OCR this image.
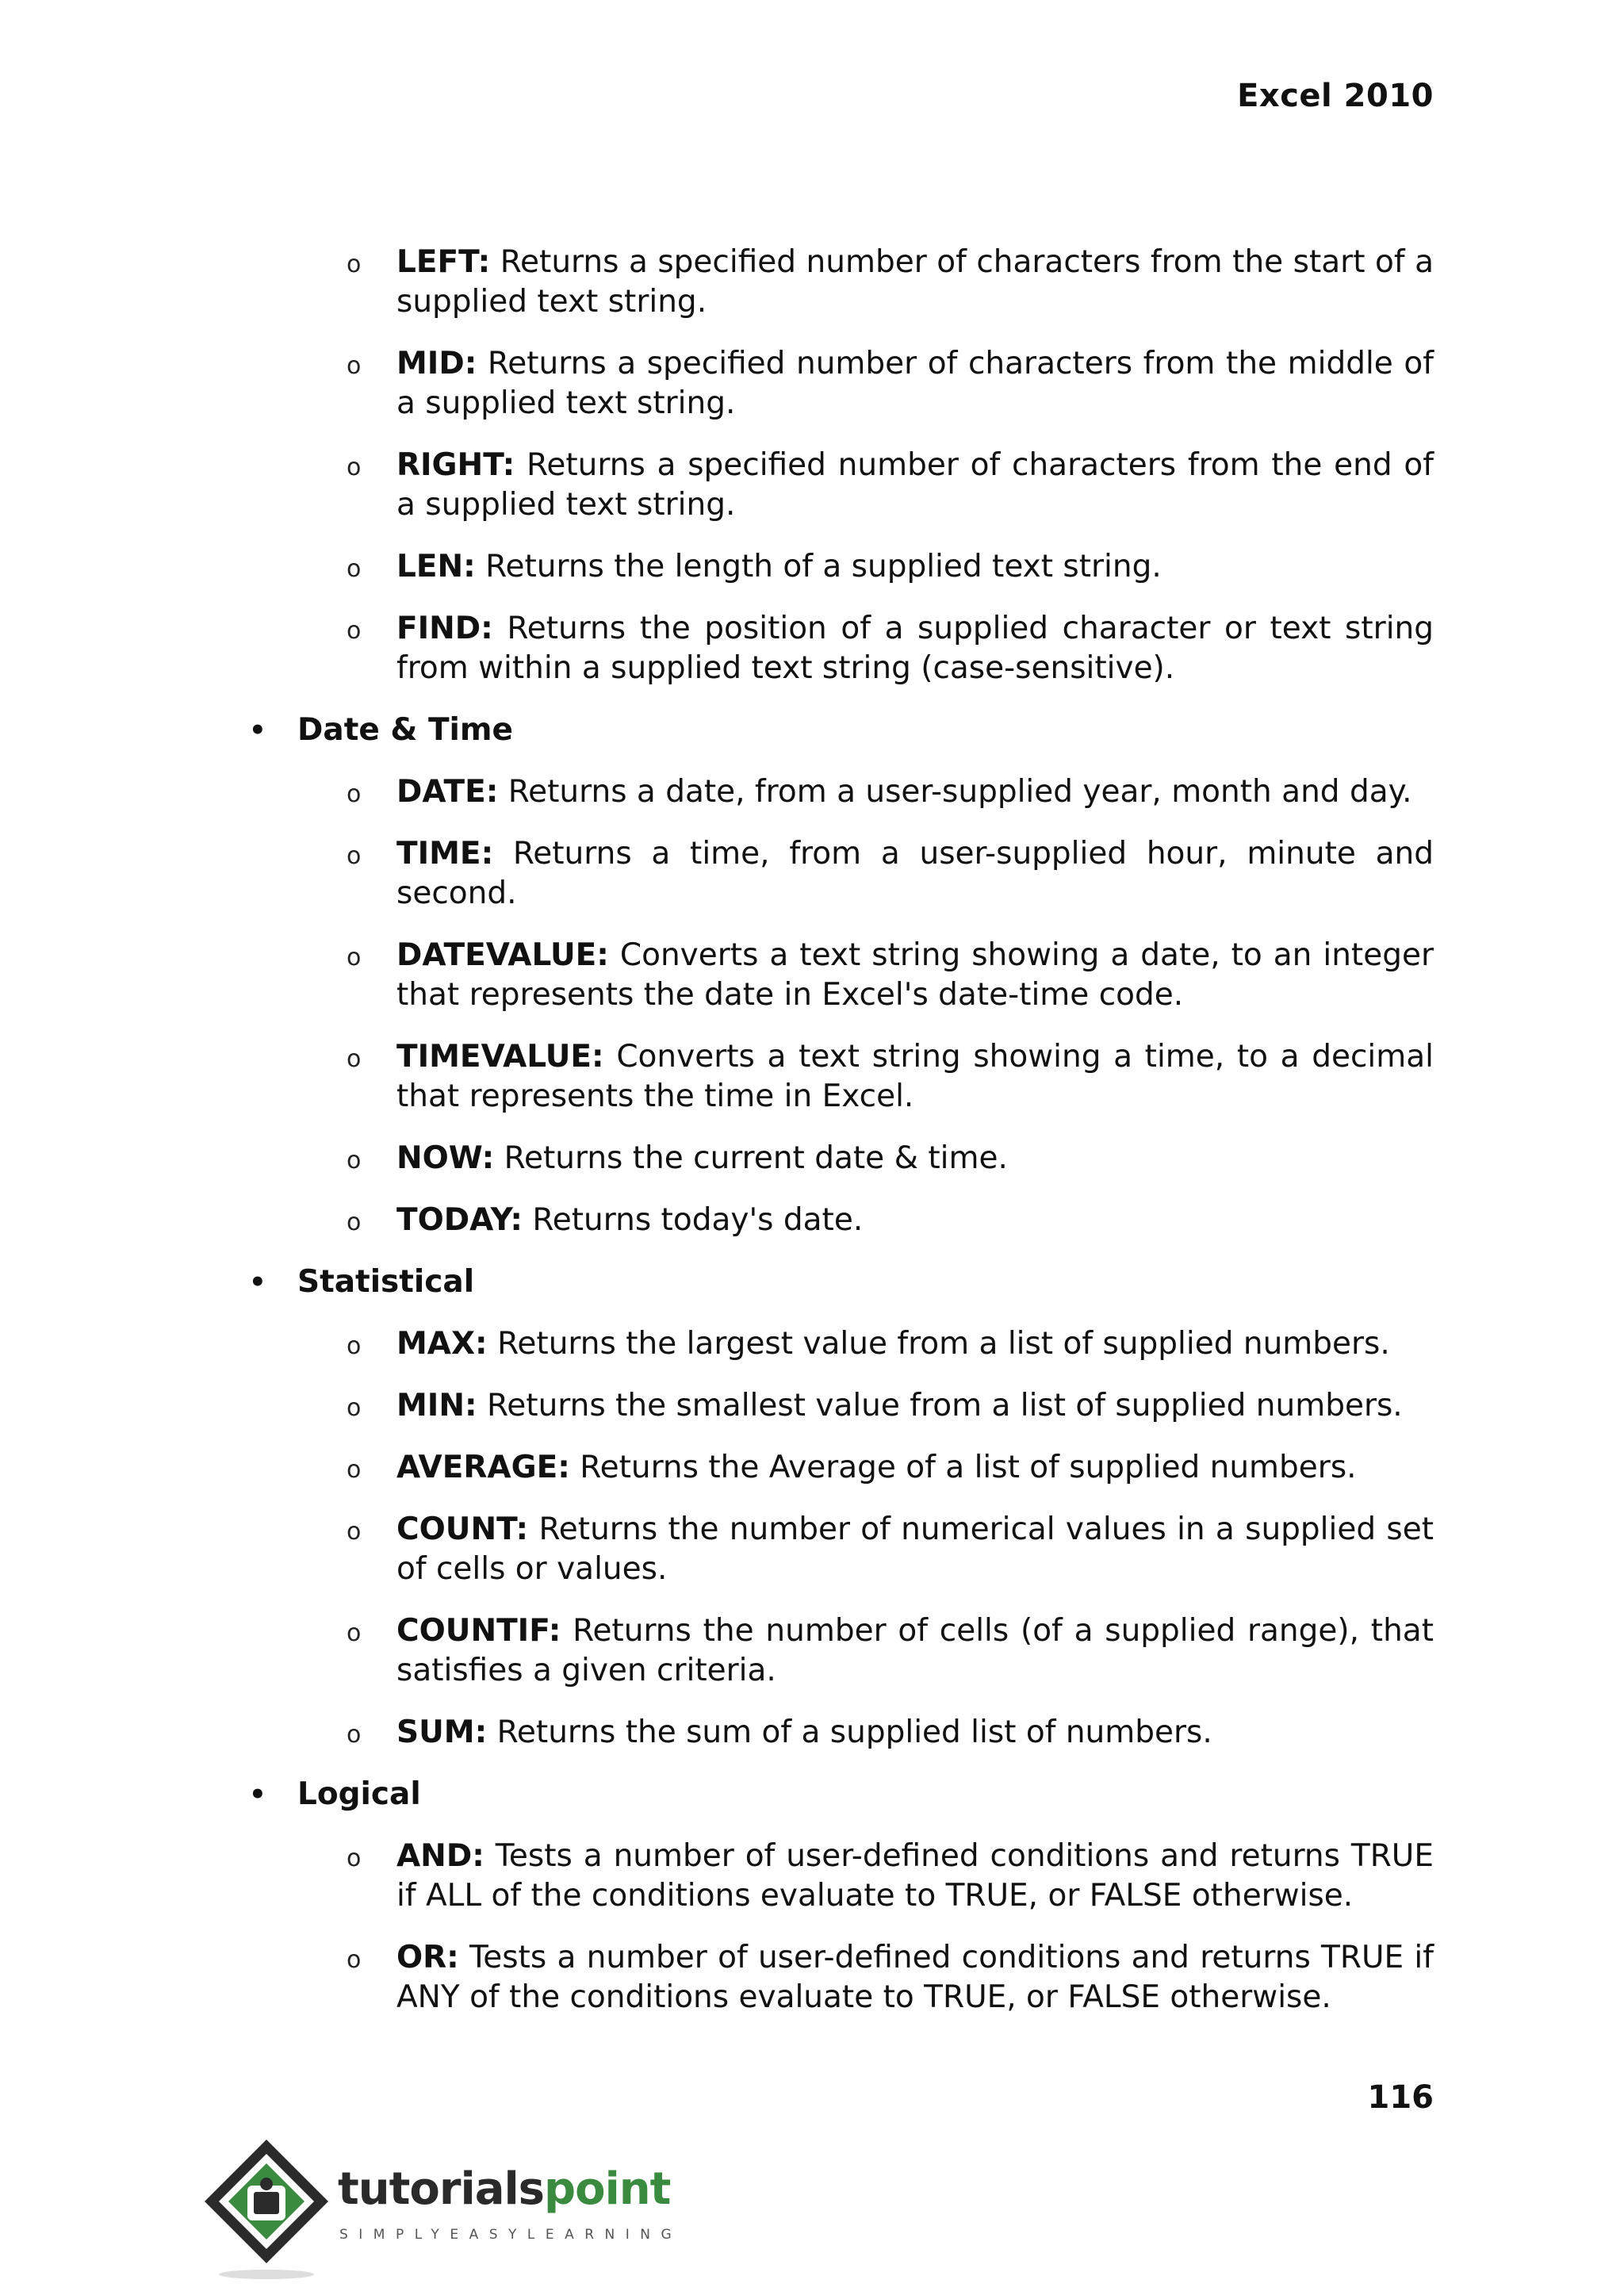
Excel 2010
o LEFT: Returns a specified number of characters from the start of a supplied text string.
o MID: Returns a specified number of characters from the middle of a supplied text string.
o RIGHT: Returns a specified number of characters from the end of a supplied text string.
o LEN: Returns the length of a supplied text string.
o FIND: Returns the position of a supplied character or text string from within a supplied text string (case-sensitive).
• Date & Time
o DATE: Returns a date, from a user-supplied year, month and day.
o TIME: Returns a time, from a user-supplied hour, minute and second.
o DATEVALUE: Converts a text string showing a date, to an integer that represents the date in Excel's date-time code.
o TIMEVALUE: Converts a text string showing a time, to a decimal that represents the time in Excel.
o NOW: Returns the current date & time.
o TODAY: Returns today's date.
• Statistical
o MAX: Returns the largest value from a list of supplied numbers.
o MIN: Returns the smallest value from a list of supplied numbers.
o AVERAGE: Returns the Average of a list of supplied numbers.
o COUNT: Returns the number of numerical values in a supplied set of cells or values.
o COUNTIF: Returns the number of cells (of a supplied range), that satisfies a given criteria.
o SUM: Returns the sum of a supplied list of numbers.
• Logical
o AND: Tests a number of user-defined conditions and returns TRUE if ALL of the conditions evaluate to TRUE, or FALSE otherwise.
o OR: Tests a number of user-defined conditions and returns TRUE if ANY of the conditions evaluate to TRUE, or FALSE otherwise.
116
tutorialspoint
SIMPLYEASYLEARNING
